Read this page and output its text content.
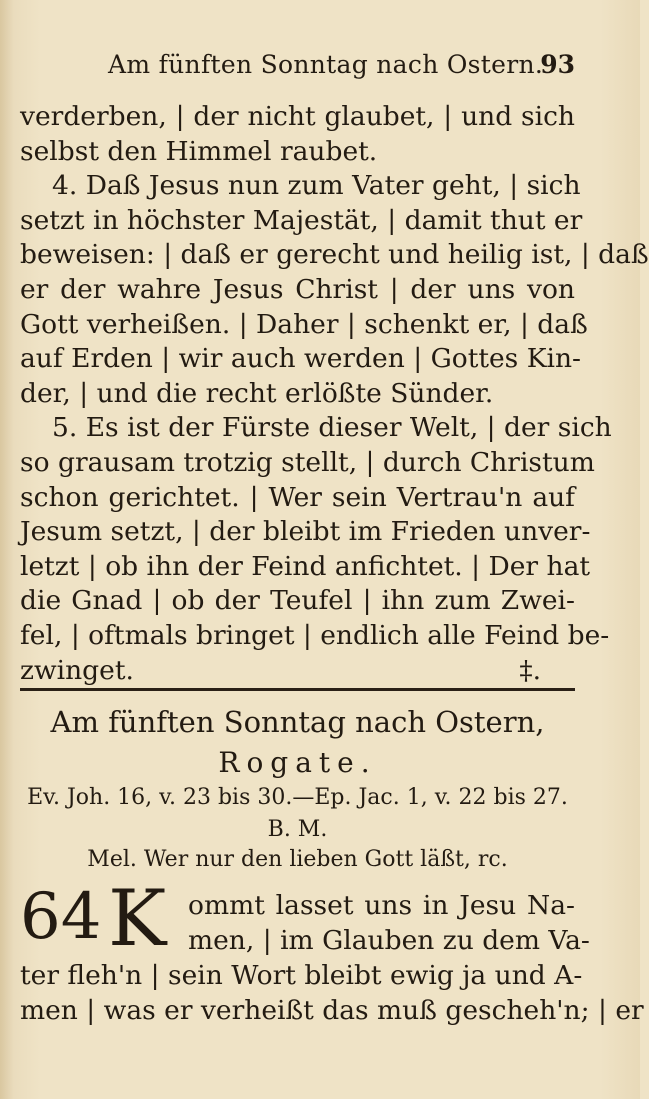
Am fünften Sonntag nach Ostern.
93
verderben, | der nicht glaubet, | und sich
selbst den Himmel raubet.
4. Daß Jesus nun zum Vater geht, | sich
setzt in höchster Majestät, | damit thut er
beweisen: | daß er gerecht und heilig ist, | daß
er der wahre Jesus Christ | der uns von
Gott verheißen. | Daher | schenkt er, | daß
auf Erden | wir auch werden | Gottes Kin-
der, | und die recht erlößte Sünder.
5. Es ist der Fürste dieser Welt, | der sich
so grausam trotzig stellt, | durch Christum
schon gerichtet. | Wer sein Vertrau'n auf
Jesum setzt, | der bleibt im Frieden unver-
letzt | ob ihn der Feind anfichtet. | Der hat
die Gnad | ob der Teufel | ihn zum Zwei-
fel, | oftmals bringet | endlich alle Feind be-
zwinget.	‡.
Am fünften Sonntag nach Ostern,
Rogate.
Ev. Joh. 16, v. 23 bis 30.—Ep. Jac. 1, v. 22 bis 27.
B. M.
Mel. Wer nur den lieben Gott läßt, rc.
64 K ommt lasset uns in Jesu Na-
men, | im Glauben zu dem Va-
ter fleh'n | sein Wort bleibt ewig ja und A-
men | was er verheißt das muß gescheh'n; | er
